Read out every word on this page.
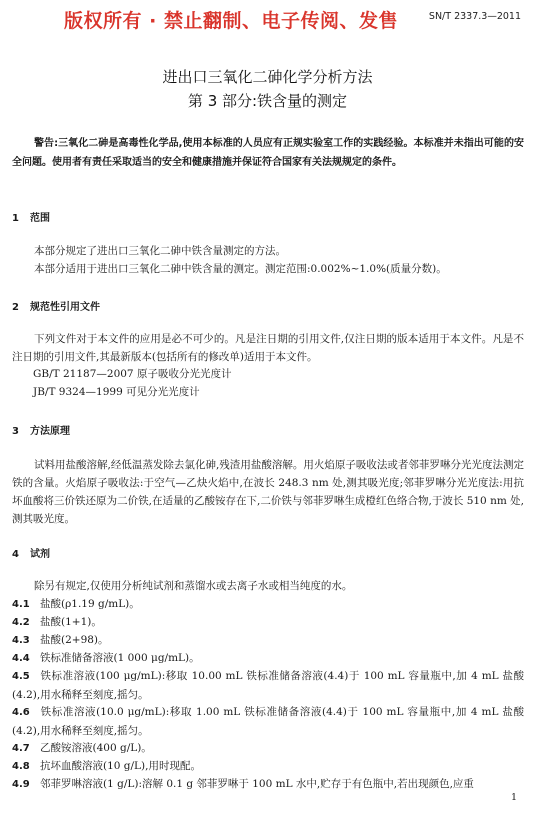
版权所有 · 禁止翻制、电子传阅、发售	SN/T 2337.3—2011
进出口三氧化二砷化学分析方法
第 3 部分:铁含量的测定

警告:三氧化二砷是高毒性化学品,使用本标准的人员应有正规实验室工作的实践经验。本标准并未指出可能的安全问题。使用者有责任采取适当的安全和健康措施并保证符合国家有关法规规定的条件。

1 范围

本部分规定了进出口三氧化二砷中铁含量测定的方法。

本部分适用于进出口三氧化二砷中铁含量的测定。测定范围:0.002%~1.0%(质量分数)。

2 规范性引用文件

下列文件对于本文件的应用是必不可少的。凡是注日期的引用文件,仅注日期的版本适用于本文件。凡是不注日期的引用文件,其最新版本(包括所有的修改单)适用于本文件。

GB/T 21187—2007 原子吸收分光光度计
JB/T 9324—1999 可见分光光度计
3 方法原理

试料用盐酸溶解,经低温蒸发除去氯化砷,残渣用盐酸溶解。用火焰原子吸收法或者邻菲罗啉分光光度法测定铁的含量。火焰原子吸收法:于空气—乙炔火焰中,在波长 248.3 nm 处,测其吸光度;邻菲罗啉分光光度法:用抗坏血酸将三价铁还原为二价铁,在适量的乙酸铵存在下,二价铁与邻菲罗啉生成橙红色络合物,于波长 510 nm 处,测其吸光度。

4 试剂

除另有规定,仅使用分析纯试剂和蒸馏水或去离子水或相当纯度的水。

4.1 盐酸(ρ1.19 g/mL)。

4.2 盐酸(1+1)。

4.3 盐酸(2+98)。

4.4 铁标准储备溶液(1 000 μg/mL)。

4.5 铁标准溶液(100 μg/mL):移取 10.00 mL 铁标准储备溶液(4.4)于 100 mL 容量瓶中,加 4 mL 盐酸(4.2),用水稀释至刻度,摇匀。

4.6 铁标准溶液(10.0 μg/mL):移取 1.00 mL 铁标准储备溶液(4.4)于 100 mL 容量瓶中,加 4 mL 盐酸(4.2),用水稀释至刻度,摇匀。

4.7 乙酸铵溶液(400 g/L)。

4.8 抗坏血酸溶液(10 g/L),用时现配。

4.9 邻菲罗啉溶液(1 g/L):溶解 0.1 g 邻菲罗啉于 100 mL 水中,贮存于有色瓶中,若出现颜色,应重

1
